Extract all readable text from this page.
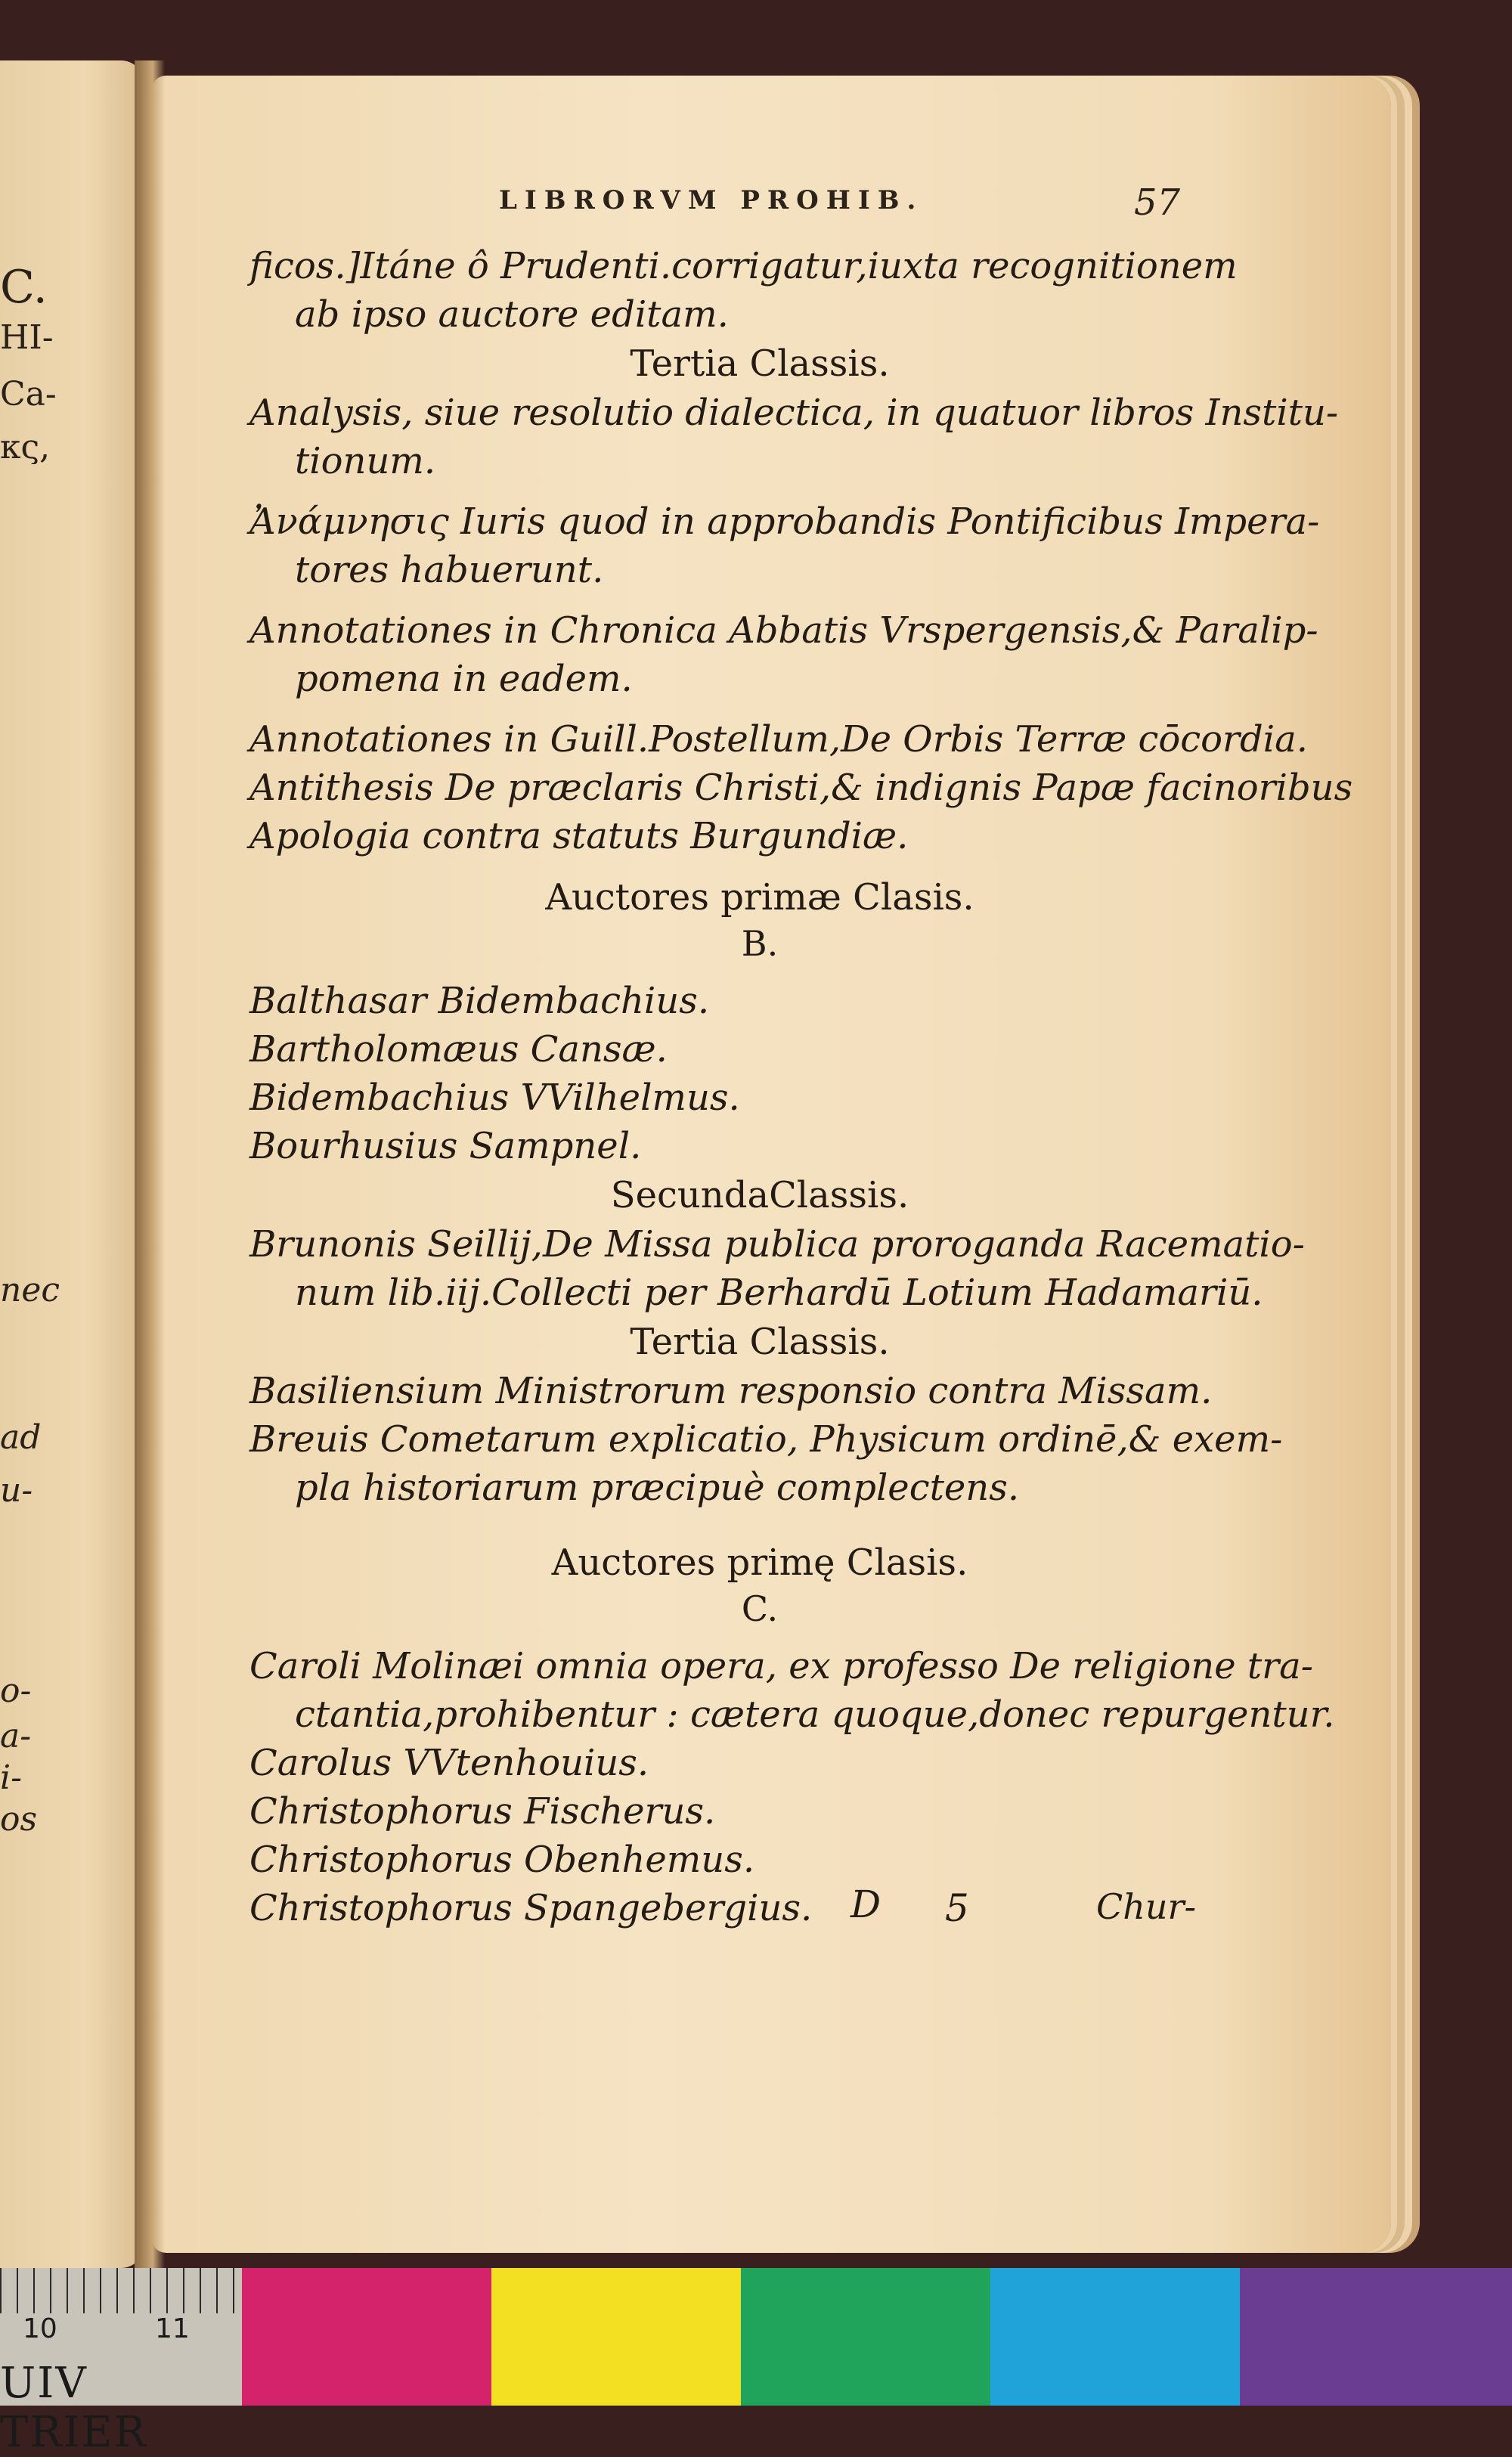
C.
HI-
Ca-
κς,
nec
ad
u-
o-
a-
i-
os
LIBRORVM PROHIB.	57
ficos.]Itáne ô Prudenti.corrigatur,iuxta recognitionem
ab ipso auctore editam.
Tertia Classis.
Analysis, siue resolutio dialectica, in quatuor libros Institu-
tionum.
Ἀνάμνησις Iuris quod in approbandis Pontificibus Impera-
tores habuerunt.
Annotationes in Chronica Abbatis Vrspergensis,& Paralip-
pomena in eadem.
Annotationes in Guill.Postellum,De Orbis Terræ cōcordia.
Antithesis De præclaris Christi,& indignis Papæ facinoribus
Apologia contra statuts Burgundiæ.
Auctores primæ Clasis.
B.
Balthasar Bidembachius.
Bartholomæus Cansæ.
Bidembachius VVilhelmus.
Bourhusius Sampnel.
SecundaClassis.
Brunonis Seillij,De Missa publica proroganda Racematio-
num lib.iij.Collecti per Berhardū Lotium Hadamariū.
Tertia Classis.
Basiliensium Ministrorum responsio contra Missam.
Breuis Cometarum explicatio, Physicum ordinē,& exem-
pla historiarum præcipuè complectens.
Auctores primę Clasis.
C.
Caroli Molinæi omnia opera, ex professo De religione tra-
ctantia,prohibentur : cætera quoque,donec repurgentur.
Carolus VVtenhouius.
Christophorus Fischerus.
Christophorus Obenhemus.
Christophorus Spangebergius.	D 5	Chur-
10	11
UIV TRIER
